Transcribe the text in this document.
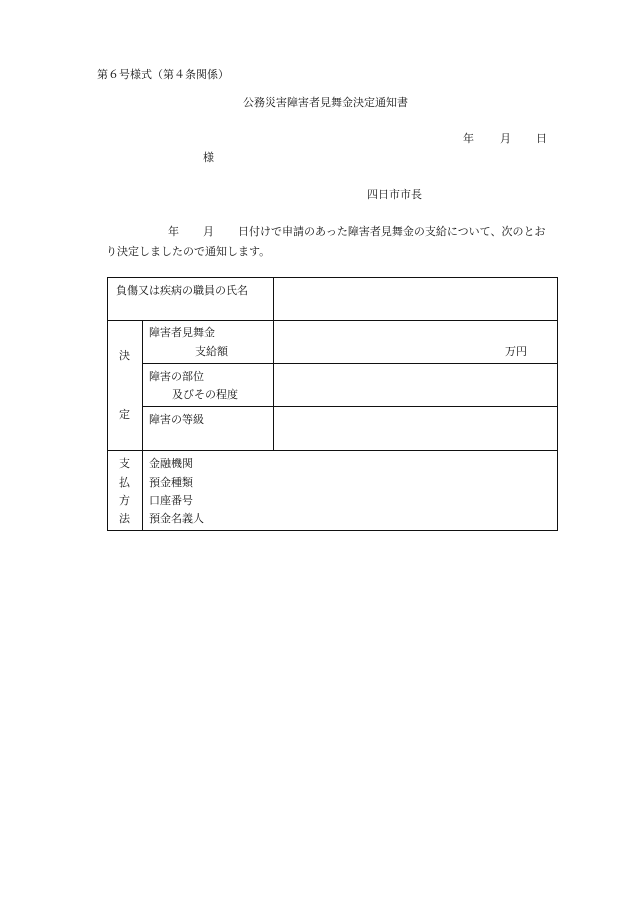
第６号様式（第４条関係）
公務災害障害者見舞金決定通知書
年 月 日
様
四日市市長
年 月 日付けで申請のあった障害者見舞金の支給について、次のとお
り決定しましたので通知します。
負傷又は疾病の職員の氏名
決
定
障害者見舞金
支給額	万円
障害の部位
及びその程度
障害の等級
支
払
方
法
金融機関
預金種類
口座番号
預金名義人
